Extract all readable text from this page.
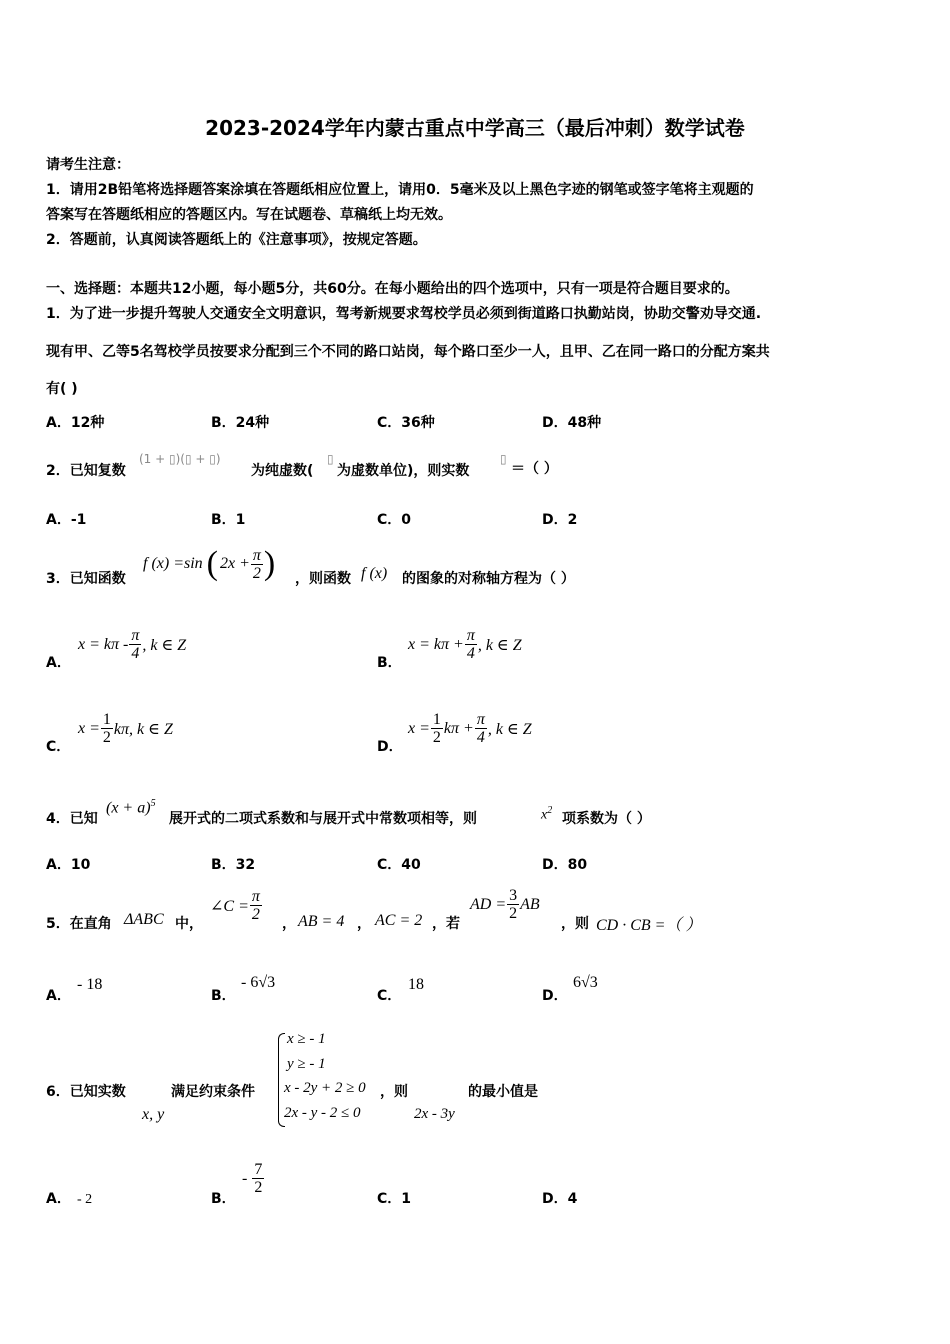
2023-2024学年内蒙古重点中学高三（最后冲刺）数学试卷
请考生注意：
1．请用2B铅笔将选择题答案涂填在答题纸相应位置上，请用0．5毫米及以上黑色字迹的钢笔或签字笔将主观题的
答案写在答题纸相应的答题区内。写在试题卷、草稿纸上均无效。
2．答题前，认真阅读答题纸上的《注意事项》，按规定答题。
一、选择题：本题共12小题，每小题5分，共60分。在每小题给出的四个选项中，只有一项是符合题目要求的。
1．为了进一步提升驾驶人交通安全文明意识，驾考新规要求驾校学员必须到街道路口执勤站岗，协助交警劝导交通.
现有甲、乙等5名驾校学员按要求分配到三个不同的路口站岗，每个路口至少一人，且甲、乙在同一路口的分配方案共
有( )
A．12种	B．24种	C．36种	D．48种
2．已知复数
(1 + ▯)(▯ + ▯)
为纯虚数(
▯
为虚数单位)，则实数
▯
＝（ ）
A．-1	B．1	C．0	D．2
3．已知函数
f (x) =sin ( $2x + \frac{\pi}{2}$ ) ，则函数 f (x) 的图象的对称轴方程为（ ）
A．
$x = k\pi - \frac{\pi}{4}$ , k ∈ Z
B．
$x = k\pi + \frac{\pi}{4}$ , k ∈ Z
C．
$x = \frac{1}{2} k\pi$, k ∈ Z
D．
$x = \frac{1}{2}$ $k\pi + \frac{\pi}{4}$ , k ∈ Z
4．已知
$(x + a)^5$
展开式的二项式系数和与展开式中常数项相等，则	$x^2$
项系数为（ ）
A．10	B．32	C．40	D．80
5．在直角 ΔABC 中，
∠C = $\frac{\pi}{2}$
， AB = 4 ， AC = 2 ，若
AD = $\frac{3}{2}$ AB
，则 CD · CB =（ ）
A．
- 18
B．
- 6√3
C．
18
D．
6√3
6．已知实数
x, y
满足约束条件
x ≥ - 1
y ≥ - 1
x - 2y + 2 ≥ 0
2x - y - 2 ≤ 0
，则
2x - 3y
的最小值是
A． - 2	B．
- $\frac{7}{2}$
C．1	D．4
